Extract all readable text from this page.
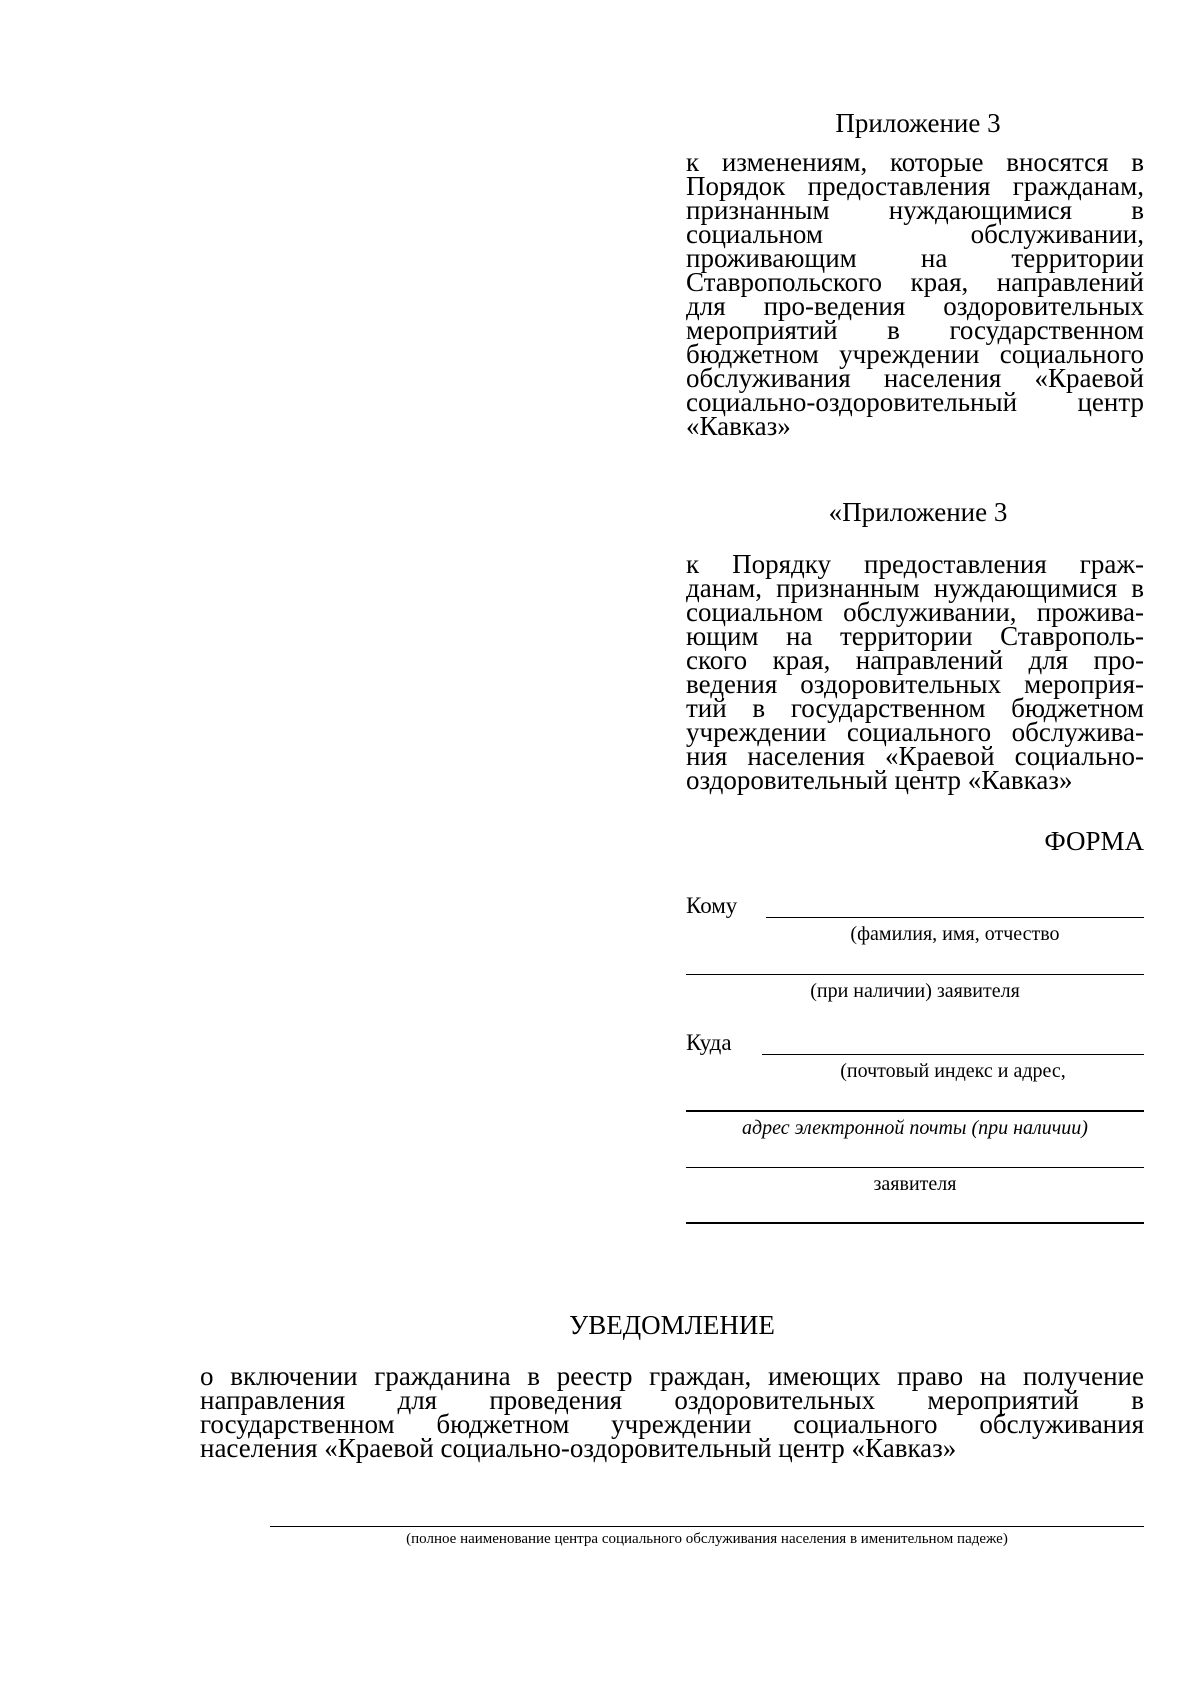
Приложение 3
к изменениям, которые вносятся в
Порядок предоставления гражданам,
признанным нуждающимися в
социальном обслуживании,
проживающим на территории
Ставропольского края, направлений
для про-ведения оздоровительных
мероприятий в государственном
бюджетном учреждении социального
обслуживания населения «Краевой
социально-оздоровительный центр
«Кавказ»
«Приложение 3
к Порядку предоставления граж-
данам, признанным нуждающимися в
социальном обслуживании, прожива-
ющим на территории Ставрополь-
ского края, направлений для про-
ведения оздоровительных мероприя-
тий в государственном бюджетном
учреждении социального обслужива-
ния населения «Краевой социально-
оздоровительный центр «Кавказ»
ФОРМА
Кому
(фамилия, имя, отчество
(при наличии) заявителя
Куда
(почтовый индекс и адрес,
адрес электронной почты (при наличии)
заявителя
УВЕДОМЛЕНИЕ
о включении гражданина в реестр граждан, имеющих право на получение
направления для проведения оздоровительных мероприятий в
государственном бюджетном учреждении социального обслуживания
населения «Краевой социально-оздоровительный центр «Кавказ»
(полное наименование центра социального обслуживания населения в именительном падеже)
